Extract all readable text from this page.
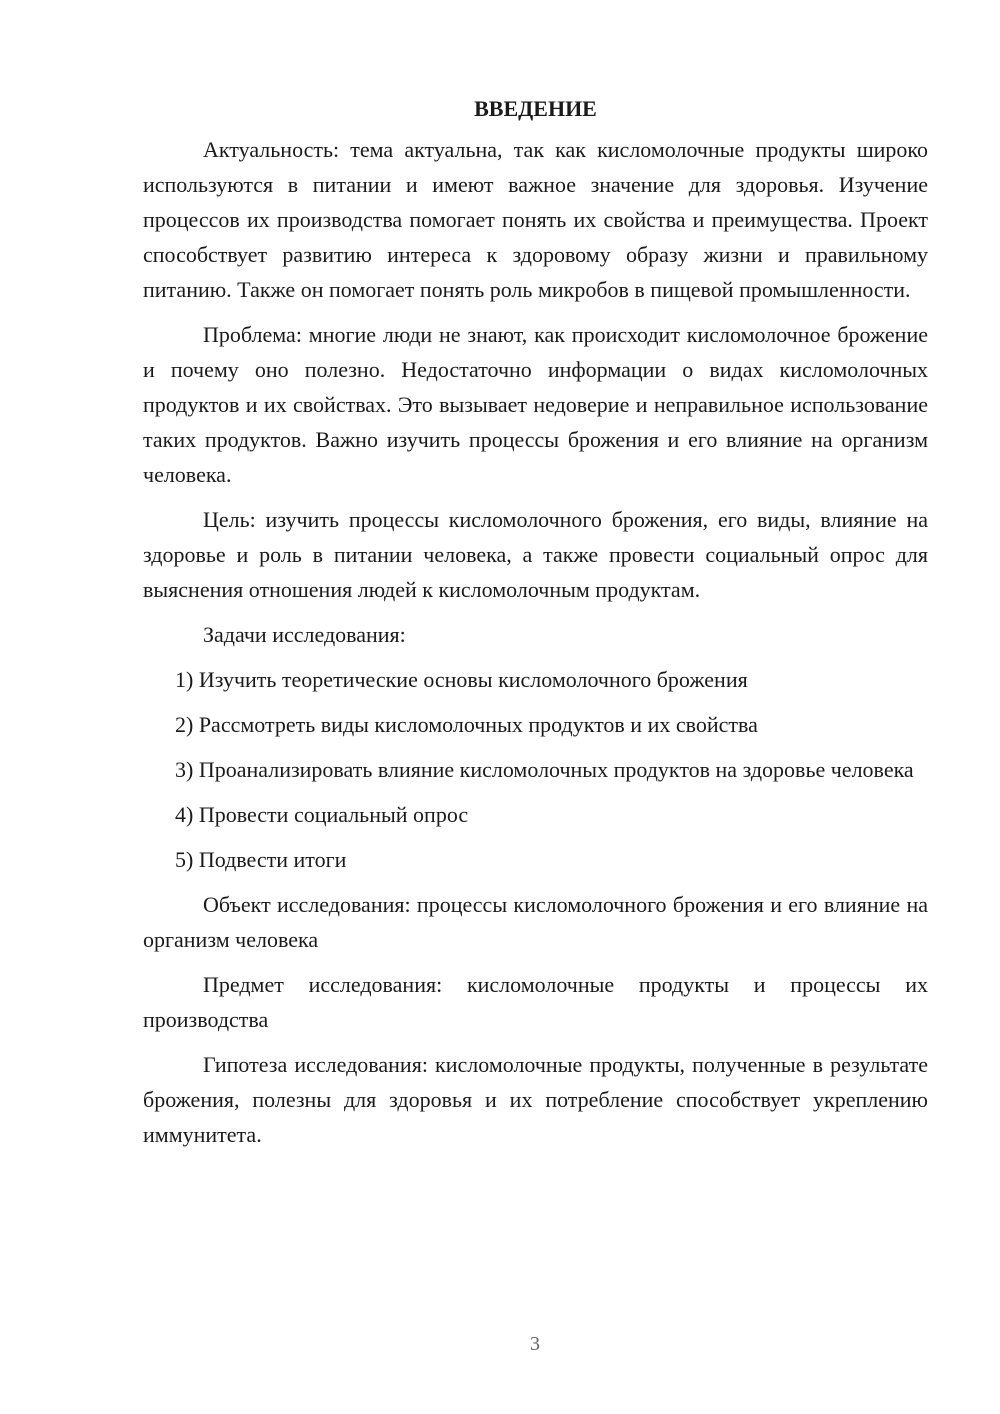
ВВЕДЕНИЕ

Актуальность: тема актуальна, так как кисломолочные продукты широко используются в питании и имеют важное значение для здоровья. Изучение процессов их производства помогает понять их свойства и преимущества. Проект способствует развитию интереса к здоровому образу жизни и правильному питанию. Также он помогает понять роль микробов в пищевой промышленности.

Проблема: многие люди не знают, как происходит кисломолочное брожение и почему оно полезно. Недостаточно информации о видах кисломолочных продуктов и их свойствах. Это вызывает недоверие и неправильное использование таких продуктов. Важно изучить процессы брожения и его влияние на организм человека.

Цель: изучить процессы кисломолочного брожения, его виды, влияние на здоровье и роль в питании человека, а также провести социальный опрос для выяснения отношения людей к кисломолочным продуктам.

Задачи исследования:

1) Изучить теоретические основы кисломолочного брожения

2) Рассмотреть виды кисломолочных продуктов и их свойства

3) Проанализировать влияние кисломолочных продуктов на здоровье человека

4) Провести социальный опрос

5) Подвести итоги

Объект исследования: процессы кисломолочного брожения и его влияние на организм человека

Предмет исследования: кисломолочные продукты и процессы их производства

Гипотеза исследования: кисломолочные продукты, полученные в результате брожения, полезны для здоровья и их потребление способствует укреплению иммунитета.

3
